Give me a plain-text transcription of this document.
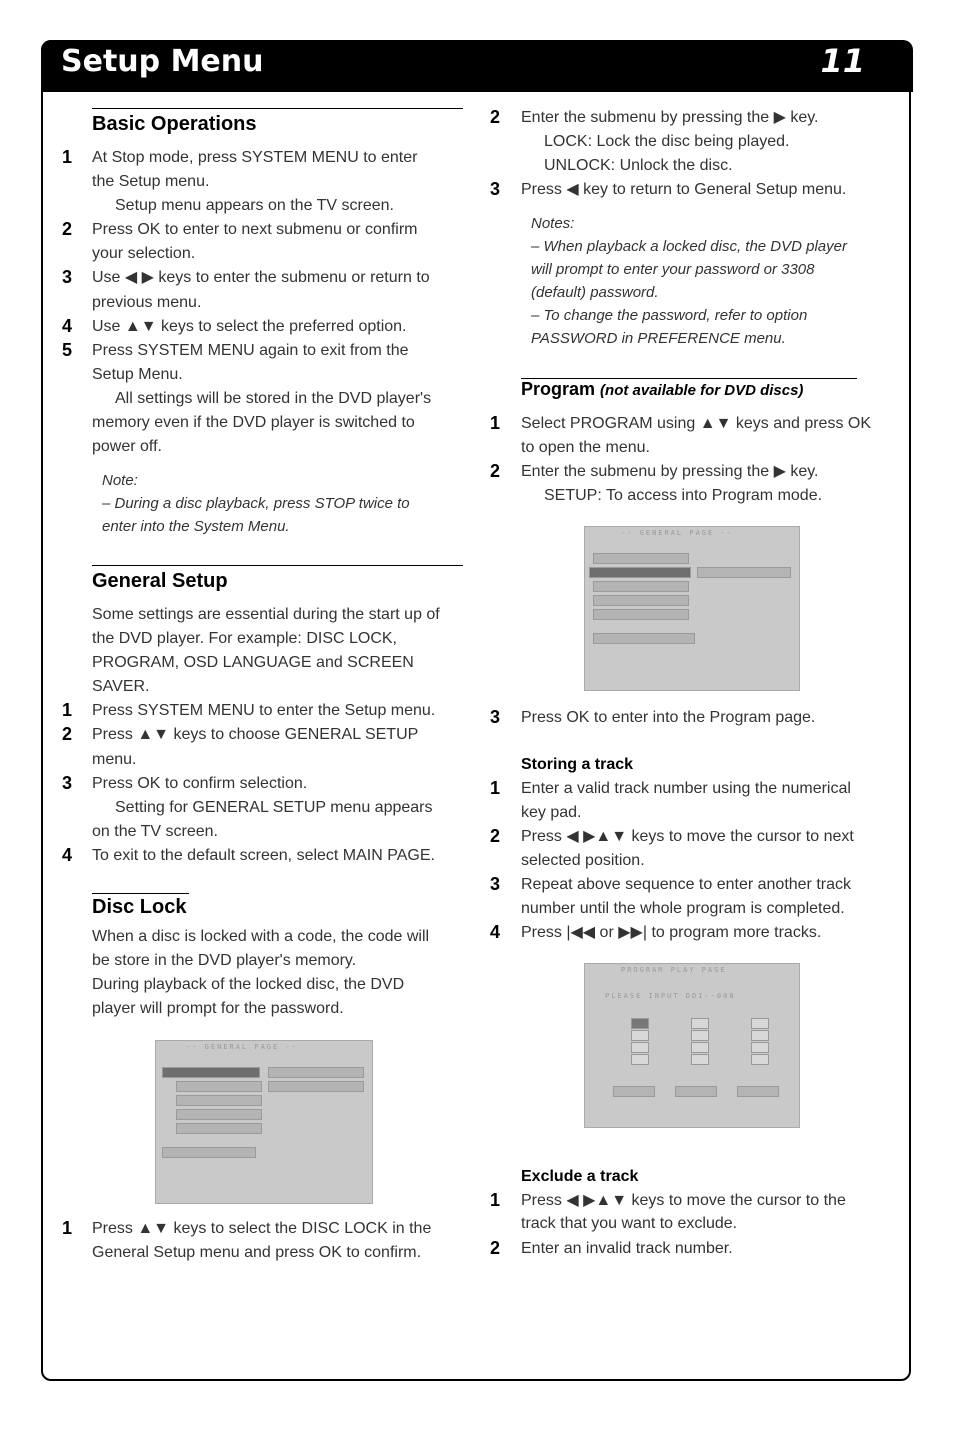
Setup Menu	11
Basic Operations
1 At Stop mode, press SYSTEM MENU to enter
the Setup menu.
Setup menu appears on the TV screen.
2 Press OK to enter to next submenu or confirm
your selection.
3 Use ◀ ▶ keys to enter the submenu or return to
previous menu.
4 Use ▲▼ keys to select the preferred option.
5 Press SYSTEM MENU again to exit from the
Setup Menu.
All settings will be stored in the DVD player's
memory even if the DVD player is switched to
power off.
Note:
– During a disc playback, press STOP twice to
enter into the System Menu.
General Setup
Some settings are essential during the start up of
the DVD player. For example: DISC LOCK,
PROGRAM, OSD LANGUAGE and SCREEN
SAVER.
1 Press SYSTEM MENU to enter the Setup menu.
2 Press ▲▼ keys to choose GENERAL SETUP
menu.
3 Press OK to confirm selection.
Setting for GENERAL SETUP menu appears
on the TV screen.
4 To exit to the default screen, select MAIN PAGE.
Disc Lock
When a disc is locked with a code, the code will
be store in the DVD player's memory.
During playback of the locked disc, the DVD
player will prompt for the password.
-- GENERAL PAGE --
1 Press ▲▼ keys to select the DISC LOCK in the
General Setup menu and press OK to confirm.
2 Enter the submenu by pressing the ▶ key.
LOCK: Lock the disc being played.
UNLOCK: Unlock the disc.
3 Press ◀ key to return to General Setup menu.
Notes:
– When playback a locked disc, the DVD player
will prompt to enter your password or 3308
(default) password.
– To change the password, refer to option
PASSWORD in PREFERENCE menu.
Program (not available for DVD discs)
1 Select PROGRAM using ▲▼ keys and press OK
to open the menu.
2 Enter the submenu by pressing the ▶ key.
SETUP: To access into Program mode.
-- GENERAL PAGE --
3 Press OK to enter into the Program page.
Storing a track
1 Enter a valid track number using the numerical
key pad.
2 Press ◀ ▶▲▼ keys to move the cursor to next
selected position.
3 Repeat above sequence to enter another track
number until the whole program is completed.
4 Press |◀◀ or ▶▶| to program more tracks.
PROGRAM PLAY PAGE
PLEASE INPUT DDI--008
Exclude a track
1 Press ◀ ▶▲▼ keys to move the cursor to the
track that you want to exclude.
2 Enter an invalid track number.
